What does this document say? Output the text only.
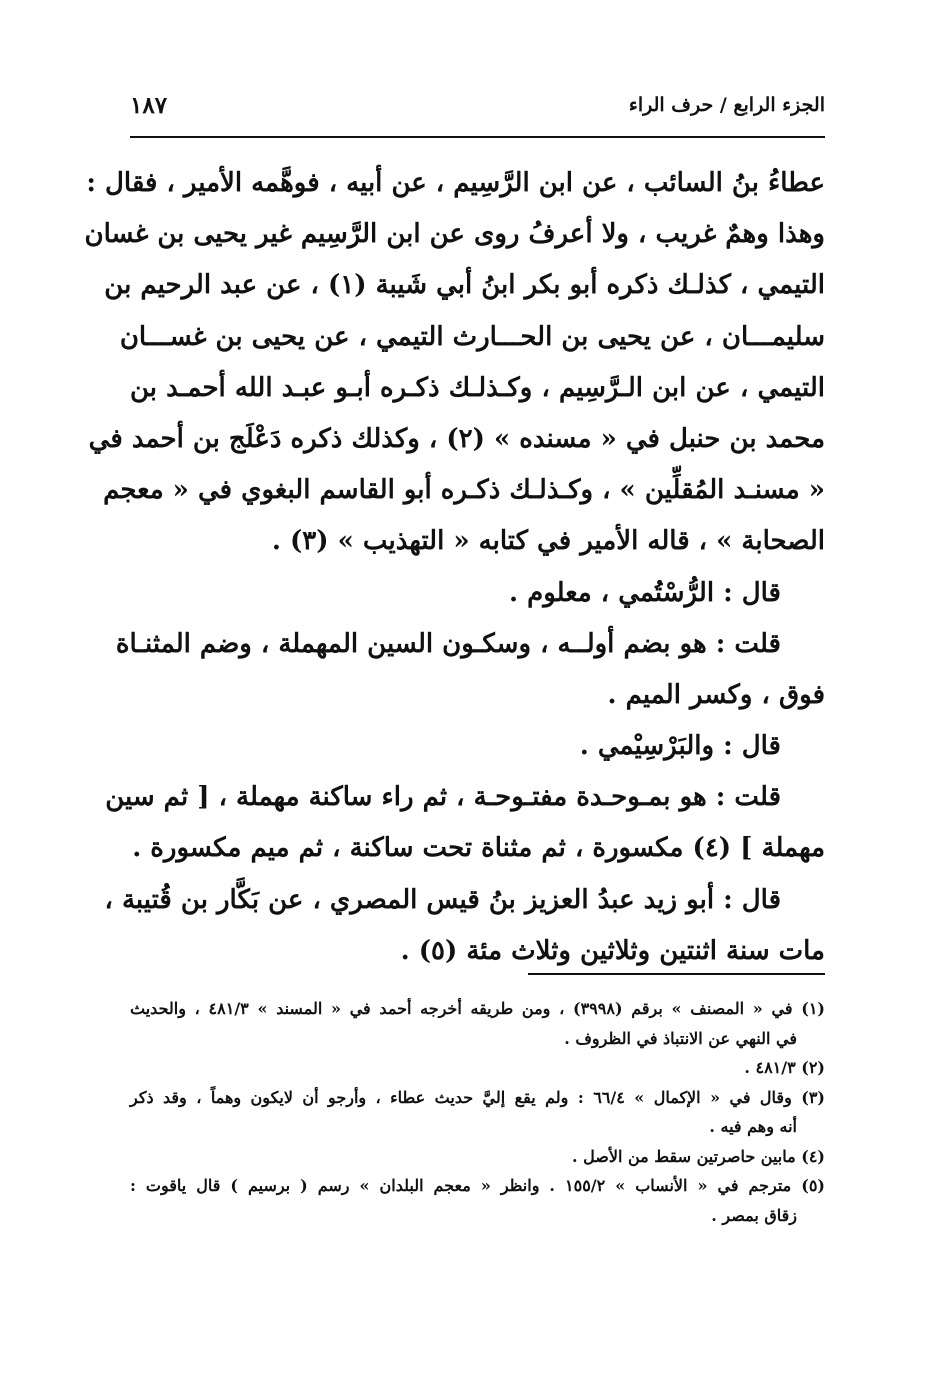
الجزء الرابع / حرف الراء
١٨٧
عطاءُ بنُ السائب ، عن ابن الرَّسِيم ، عن أبيه ، فوهَّمه الأمير ، فقال :
وهذا وهمٌ غريب ، ولا أعرفُ روى عن ابن الرَّسِيم غير يحيى بن غسان
التيمي ، كذلـك ذكره أبو بكر ابنُ أبي شَيبة (١) ، عن عبد الرحيم بن
سليمـــان ، عن يحيى بن الحـــارث التيمي ، عن يحيى بن غســـان
التيمي ، عن ابن الـرَّسِيم ، وكـذلـك ذكـره أبـو عبـد الله أحمـد بن
محمد بن حنبل في « مسنده » (٢) ، وكذلك ذكره دَعْلَج بن أحمد في
« مسنـد المُقلِّين » ، وكـذلـك ذكـره أبو القاسم البغوي في « معجم
الصحابة » ، قاله الأمير في كتابه « التهذيب » (٣) .
قال : الرُّسْتُمي ، معلوم .
قلت : هو بضم أولــه ، وسكـون السين المهملة ، وضم المثنـاة
فوق ، وكسر الميم .
قال : والبَرْسِيْمي .
قلت : هو بمـوحـدة مفتـوحـة ، ثم راء ساكنة مهملة ، [ ثم سين
مهملة ] (٤) مكسورة ، ثم مثناة تحت ساكنة ، ثم ميم مكسورة .
قال : أبو زيد عبدُ العزيز بنُ قيس المصري ، عن بَكَّار بن قُتيبة ،
مات سنة اثنتين وثلاثين وثلاث مئة (٥) .
(١) في « المصنف » برقم (٣٩٩٨) ، ومن طريقه أخرجه أحمد في « المسند » ٤٨١/٣ ، والحديث
في النهي عن الانتباذ في الظروف .
(٢) ٤٨١/٣ .
(٣) وقال في « الإكمال » ٦٦/٤ : ولم يقع إليَّ حديث عطاء ، وأرجو أن لايكون وهماً ، وقد ذكر
أنه وهم فيه .
(٤) مابين حاصرتين سقط من الأصل .
(٥) مترجم في « الأنساب » ١٥٥/٢ . وانظر « معجم البلدان » رسم ( برسيم ) قال ياقوت :
زقاق بمصر .
